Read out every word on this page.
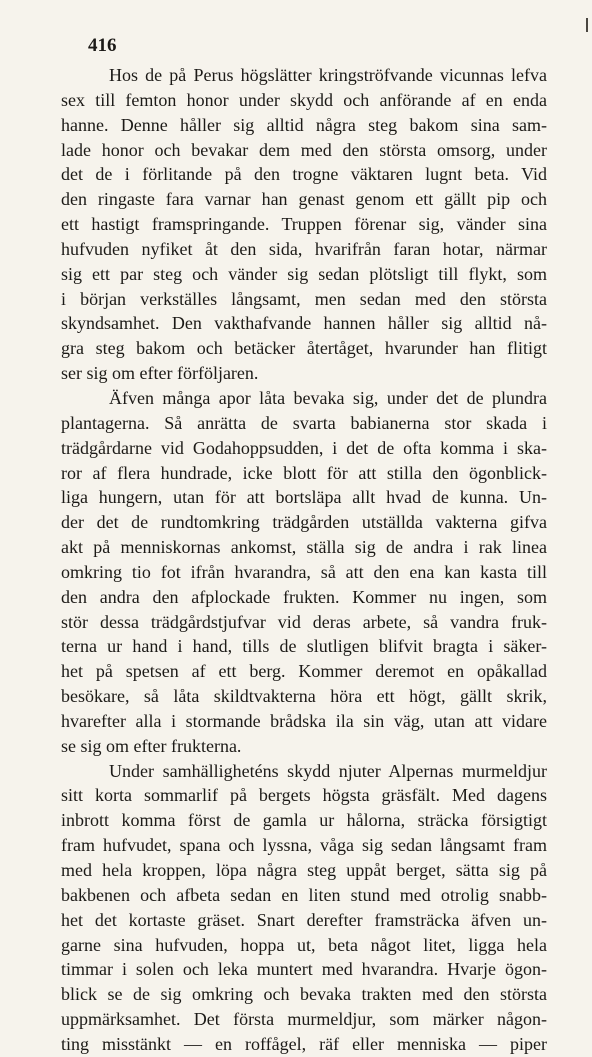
416
Hos de på Perus högslätter kringströfvande vicunnas lefva
sex till femton honor under skydd och anförande af en enda
hanne. Denne håller sig alltid några steg bakom sina sam-
lade honor och bevakar dem med den största omsorg, under
det de i förlitande på den trogne väktaren lugnt beta. Vid
den ringaste fara varnar han genast genom ett gällt pip och
ett hastigt framspringande. Truppen förenar sig, vänder sina
hufvuden nyfiket åt den sida, hvarifrån faran hotar, närmar
sig ett par steg och vänder sig sedan plötsligt till flykt, som
i början verkställes långsamt, men sedan med den största
skyndsamhet. Den vakthafvande hannen håller sig alltid nå-
gra steg bakom och betäcker återtåget, hvarunder han flitigt
ser sig om efter förföljaren.
Äfven många apor låta bevaka sig, under det de plundra
plantagerna. Så anrätta de svarta babianerna stor skada i
trädgårdarne vid Godahoppsudden, i det de ofta komma i ska-
ror af flera hundrade, icke blott för att stilla den ögonblick-
liga hungern, utan för att bortsläpa allt hvad de kunna. Un-
der det de rundtomkring trädgården utställda vakterna gifva
akt på menniskornas ankomst, ställa sig de andra i rak linea
omkring tio fot ifrån hvarandra, så att den ena kan kasta till
den andra den afplockade frukten. Kommer nu ingen, som
stör dessa trädgårdstjufvar vid deras arbete, så vandra fruk-
terna ur hand i hand, tills de slutligen blifvit bragta i säker-
het på spetsen af ett berg. Kommer deremot en opåkallad
besökare, så låta skildtvakterna höra ett högt, gällt skrik,
hvarefter alla i stormande brådska ila sin väg, utan att vidare
se sig om efter frukterna.
Under samhälligheténs skydd njuter Alpernas murmeldjur
sitt korta sommarlif på bergets högsta gräsfält. Med dagens
inbrott komma först de gamla ur hålorna, sträcka försigtigt
fram hufvudet, spana och lyssna, våga sig sedan långsamt fram
med hela kroppen, löpa några steg uppåt berget, sätta sig på
bakbenen och afbeta sedan en liten stund med otrolig snabb-
het det kortaste gräset. Snart derefter framsträcka äfven un-
garne sina hufvuden, hoppa ut, beta något litet, ligga hela
timmar i solen och leka muntert med hvarandra. Hvarje ögon-
blick se de sig omkring och bevaka trakten med den största
uppmärksamhet. Det första murmeldjur, som märker någon-
ting misstänkt — en roffågel, räf eller menniska — piper
